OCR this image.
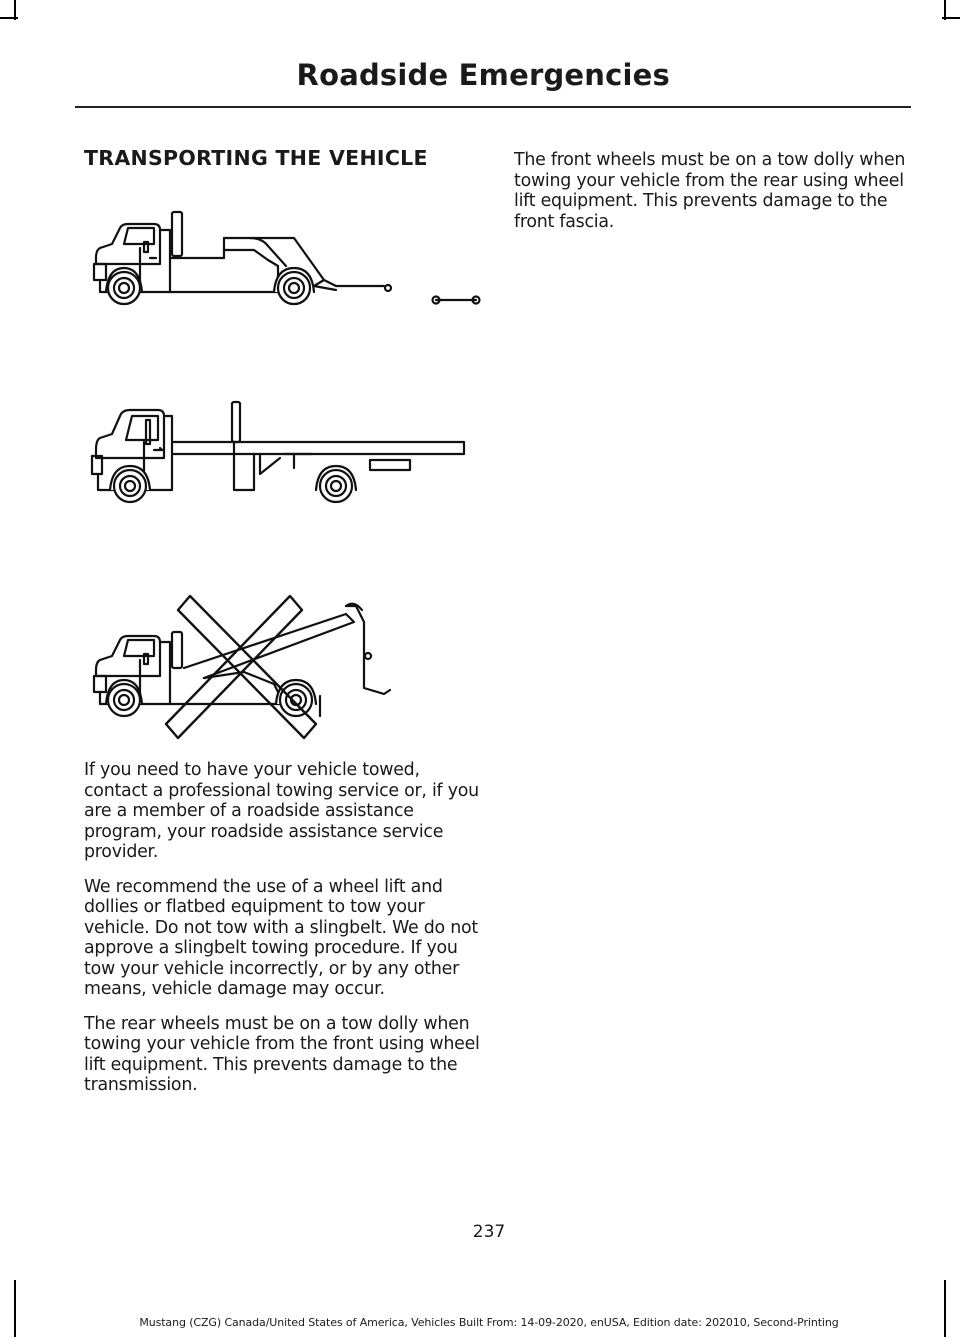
Roadside Emergencies
TRANSPORTING THE VEHICLE

If you need to have your vehicle towed, contact a professional towing service or, if you are a member of a roadside assistance program, your roadside assistance service provider.

We recommend the use of a wheel lift and dollies or flatbed equipment to tow your vehicle. Do not tow with a slingbelt. We do not approve a slingbelt towing procedure. If you tow your vehicle incorrectly, or by any other means, vehicle damage may occur.

The rear wheels must be on a tow dolly when towing your vehicle from the front using wheel lift equipment. This prevents damage to the transmission.

The front wheels must be on a tow dolly when towing your vehicle from the rear using wheel lift equipment. This prevents damage to the front fascia.

237
Mustang (CZG) Canada/United States of America, Vehicles Built From: 14-09-2020, enUSA, Edition date: 202010, Second-Printing
